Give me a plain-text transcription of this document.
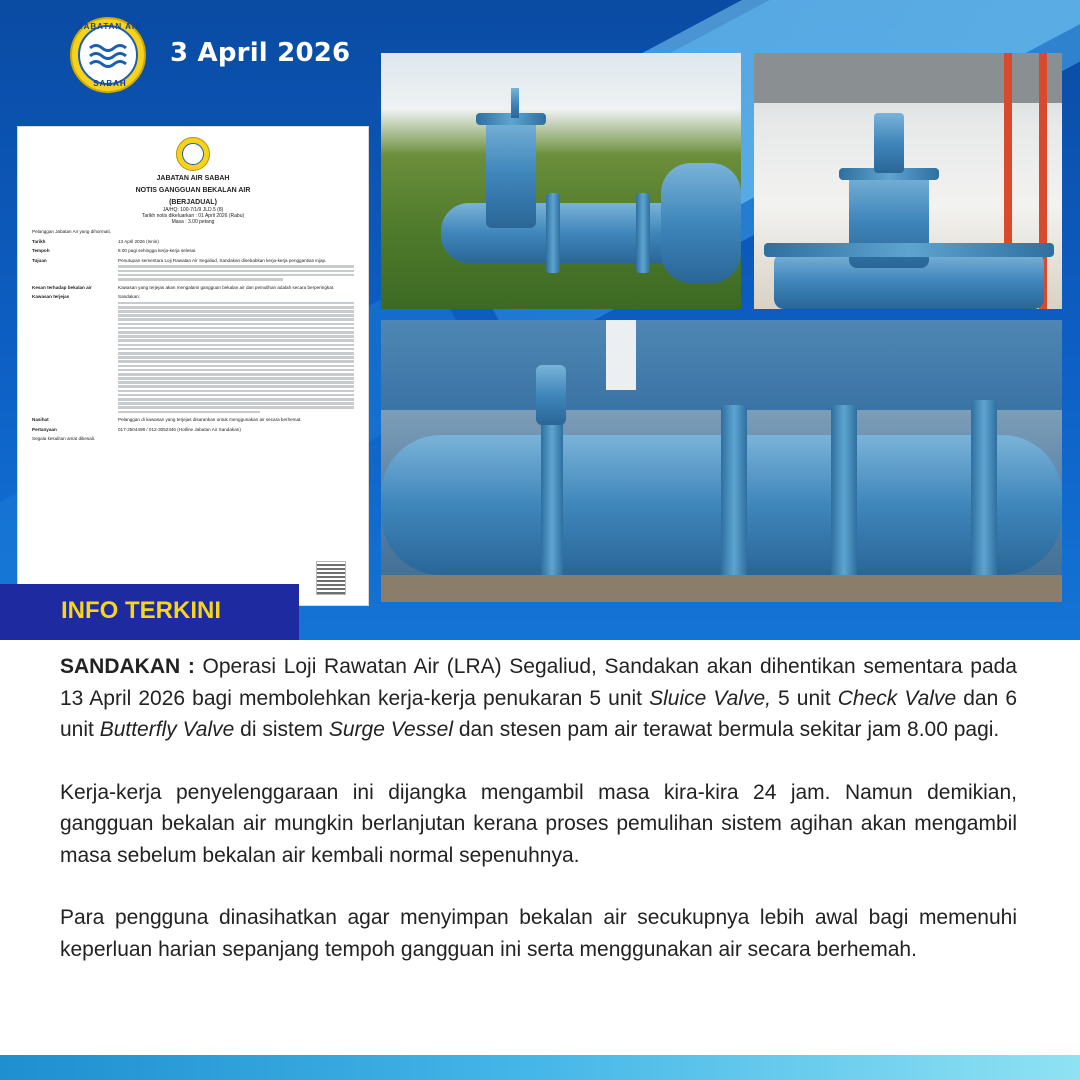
JABATAN AIR
SABAH
3 April 2026
JABATAN AIR SABAH
NOTIS GANGGUAN BEKALAN AIR
(BERJADUAL)
JA/HQ: 100-7/1/9 JLD.5 (8)
Tarikh notis dikeluarkan : 01 April 2026 (Rabu)
Masa : 3.00 petang
Pelanggan Jabatan Air yang dihormati,
Tarikh	13 April 2026 (Isnin)
Tempoh	8.00 pagi sehingga kerja-kerja selesai.
Tujuan	Penutupan sementara Loji Rawatan Air Segaliud, Sandakan disebabkan kerja-kerja penggantian injap.
Kesan terhadap bekalan air	Kawasan yang terjejas akan mengalami gangguan bekalan air dan pemulihan adalah secara berperingkat.
Kawasan terjejas	Sandakan:
Nasihat	Pelanggan di kawasan yang terjejas disarankan untuk menggunakan air secara berhemat.
Pertanyaan	017-2504498 / 012-3052346 (Hotline Jabatan Air Sandakan)
Segala kesulitan amat dikesali.
INFO TERKINI

SANDAKAN : Operasi Loji Rawatan Air (LRA) Segaliud, Sandakan akan dihentikan sementara pada 13 April 2026 bagi membolehkan kerja-kerja penukaran 5 unit Sluice Valve, 5 unit Check Valve dan 6 unit Butterfly Valve di sistem Surge Vessel dan stesen pam air terawat bermula sekitar jam 8.00 pagi.

Kerja-kerja penyelenggaraan ini dijangka mengambil masa kira-kira 24 jam. Namun demikian, gangguan bekalan air mungkin berlanjutan kerana proses pemulihan sistem agihan akan mengambil masa sebelum bekalan air kembali normal sepenuhnya.

Para pengguna dinasihatkan agar menyimpan bekalan air secukupnya lebih awal bagi memenuhi keperluan harian sepanjang tempoh gangguan ini serta menggunakan air secara berhemah.
